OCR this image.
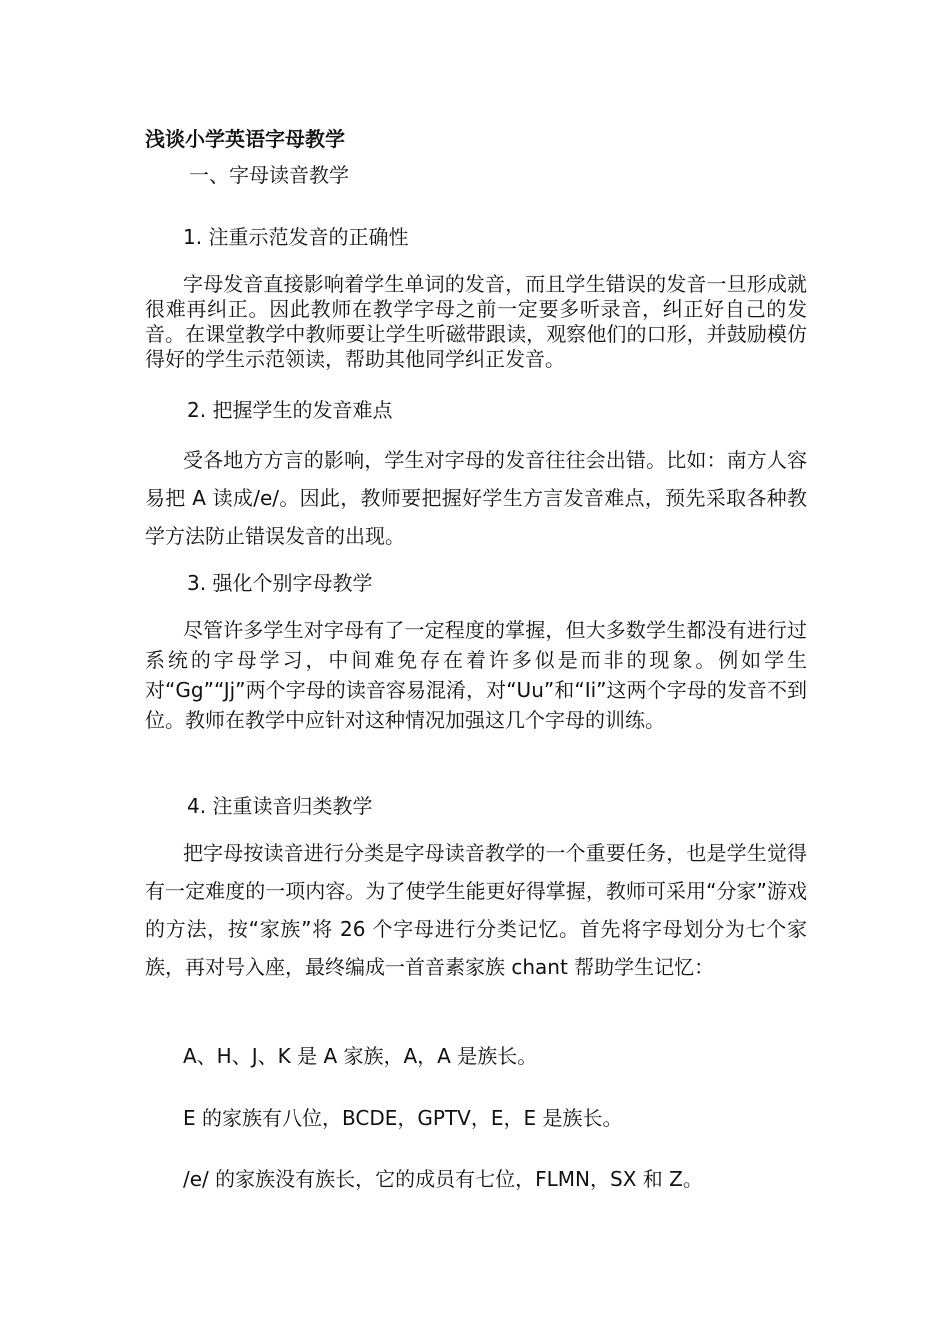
浅谈小学英语字母教学
一、字母读音教学
1. 注重示范发音的正确性

字母发音直接影响着学生单词的发音，而且学生错误的发音一旦形成就很难再纠正。因此教师在教学字母之前一定要多听录音，纠正好自己的发音。在课堂教学中教师要让学生听磁带跟读，观察他们的口形，并鼓励模仿得好的学生示范领读，帮助其他同学纠正发音。

2. 把握学生的发音难点

受各地方方言的影响，学生对字母的发音往往会出错。比如：南方人容易把 A 读成/e/。因此，教师要把握好学生方言发音难点，预先采取各种教学方法防止错误发音的出现。

3. 强化个别字母教学

尽管许多学生对字母有了一定程度的掌握，但大多数学生都没有进行过系统的字母学习，中间难免存在着许多似是而非的现象。例如学生对“Gg”“Jj”两个字母的读音容易混淆，对“Uu”和“Ii”这两个字母的发音不到位。教师在教学中应针对这种情况加强这几个字母的训练。

4. 注重读音归类教学

把字母按读音进行分类是字母读音教学的一个重要任务，也是学生觉得有一定难度的一项内容。为了使学生能更好得掌握，教师可采用“分家”游戏的方法，按“家族”将 26 个字母进行分类记忆。首先将字母划分为七个家族，再对号入座，最终编成一首音素家族 chant 帮助学生记忆：

A、H、J、K 是 A 家族，A，A 是族长。
E 的家族有八位，BCDE，GPTV，E，E 是族长。
/e/ 的家族没有族长，它的成员有七位，FLMN，SX 和 Z。
